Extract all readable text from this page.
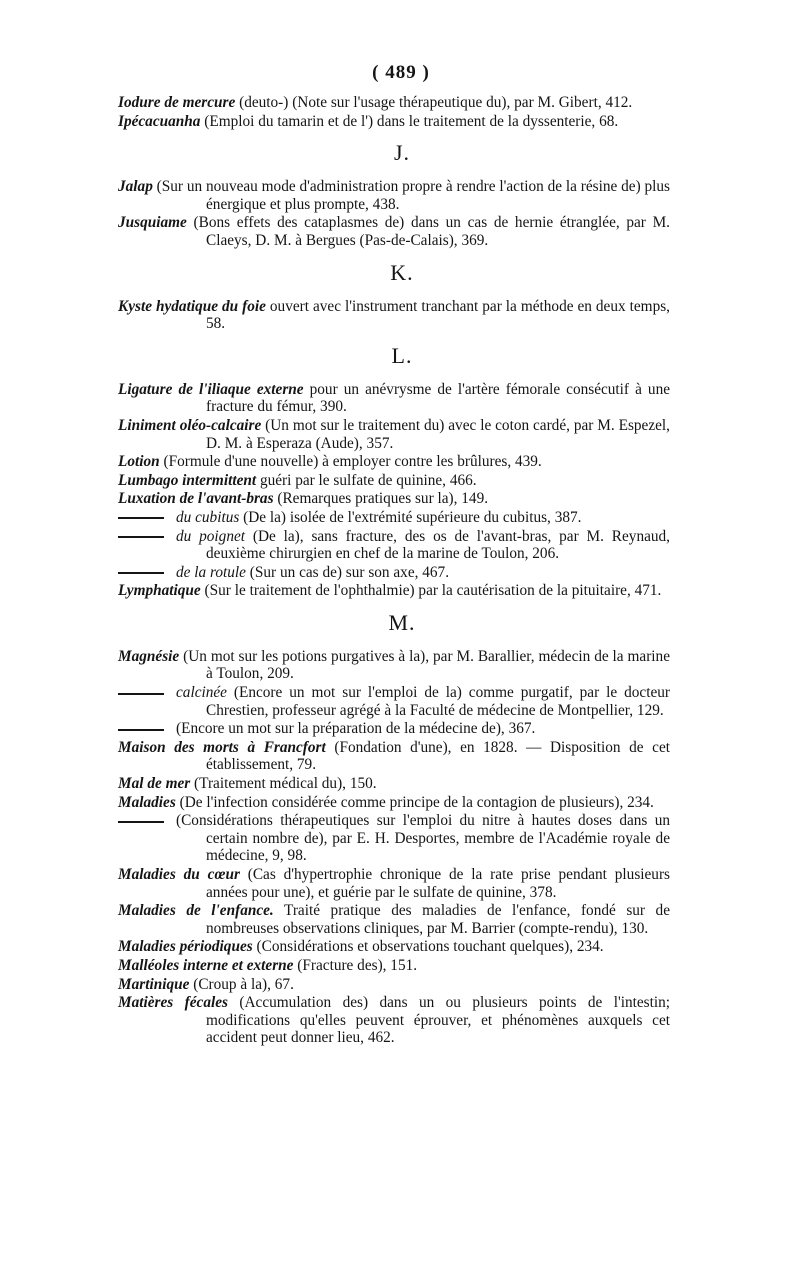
( 489 )

Iodure de mercure (deuto-) (Note sur l'usage thérapeutique du), par M. Gibert, 412.

Ipécacuanha (Emploi du tamarin et de l') dans le traitement de la dyssenterie, 68.

J.

Jalap (Sur un nouveau mode d'administration propre à rendre l'action de la résine de) plus énergique et plus prompte, 438.

Jusquiame (Bons effets des cataplasmes de) dans un cas de hernie étranglée, par M. Claeys, D. M. à Bergues (Pas-de-Calais), 369.

K.

Kyste hydatique du foie ouvert avec l'instrument tranchant par la méthode en deux temps, 58.

L.

Ligature de l'iliaque externe pour un anévrysme de l'artère fémorale consécutif à une fracture du fémur, 390.

Liniment oléo-calcaire (Un mot sur le traitement du) avec le coton cardé, par M. Espezel, D. M. à Esperaza (Aude), 357.

Lotion (Formule d'une nouvelle) à employer contre les brûlures, 439.

Lumbago intermittent guéri par le sulfate de quinine, 466.

Luxation de l'avant-bras (Remarques pratiques sur la), 149.

du cubitus (De la) isolée de l'extrémité supérieure du cubitus, 387.

du poignet (De la), sans fracture, des os de l'avant-bras, par M. Reynaud, deuxième chirurgien en chef de la marine de Toulon, 206.

de la rotule (Sur un cas de) sur son axe, 467.

Lymphatique (Sur le traitement de l'ophthalmie) par la cautérisation de la pituitaire, 471.

M.

Magnésie (Un mot sur les potions purgatives à la), par M. Barallier, médecin de la marine à Toulon, 209.

calcinée (Encore un mot sur l'emploi de la) comme purgatif, par le docteur Chrestien, professeur agrégé à la Faculté de médecine de Montpellier, 129.

(Encore un mot sur la préparation de la médecine de), 367.

Maison des morts à Francfort (Fondation d'une), en 1828. — Disposition de cet établissement, 79.

Mal de mer (Traitement médical du), 150.

Maladies (De l'infection considérée comme principe de la contagion de plusieurs), 234.

(Considérations thérapeutiques sur l'emploi du nitre à hautes doses dans un certain nombre de), par E. H. Desportes, membre de l'Académie royale de médecine, 9, 98.

Maladies du cœur (Cas d'hypertrophie chronique de la rate prise pendant plusieurs années pour une), et guérie par le sulfate de quinine, 378.

Maladies de l'enfance. Traité pratique des maladies de l'enfance, fondé sur de nombreuses observations cliniques, par M. Barrier (compte-rendu), 130.

Maladies périodiques (Considérations et observations touchant quelques), 234.

Malléoles interne et externe (Fracture des), 151.

Martinique (Croup à la), 67.

Matières fécales (Accumulation des) dans un ou plusieurs points de l'intestin; modifications qu'elles peuvent éprouver, et phénomènes auxquels cet accident peut donner lieu, 462.
